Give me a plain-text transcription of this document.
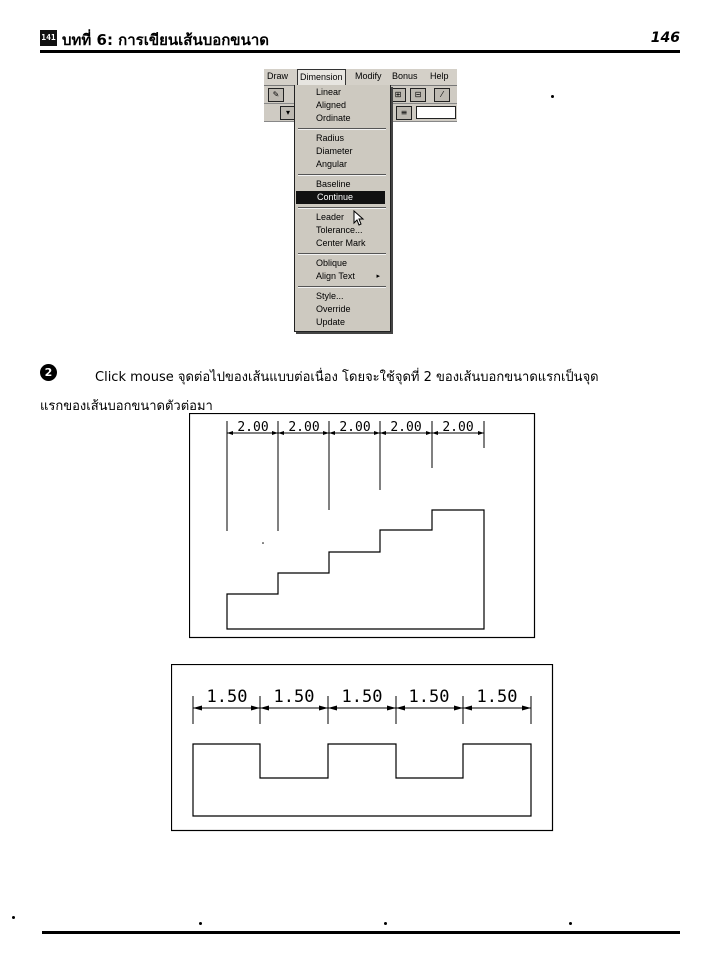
141 บทที่ 6: การเขียนเส้นบอกขนาด	146
Draw	Dimension	Modify Bonus Help
✎	⊞	⊟	⁄
▾	≡
Linear
Aligned
Ordinate
Radius
Diameter
Angular
Baseline
Continue
Leader
Tolerance...
Center Mark
Oblique
Align Text	▸
Style...
Override
Update
2	Click mouse จุดต่อไปของเส้นแบบต่อเนื่อง โดยจะใช้จุดที่ 2 ของเส้นบอกขนาดแรกเป็นจุด
แรกของเส้นบอกขนาดตัวต่อมา
2.00 2.00 2.00 2.00 2.00
1.50 1.50 1.50 1.50 1.50
